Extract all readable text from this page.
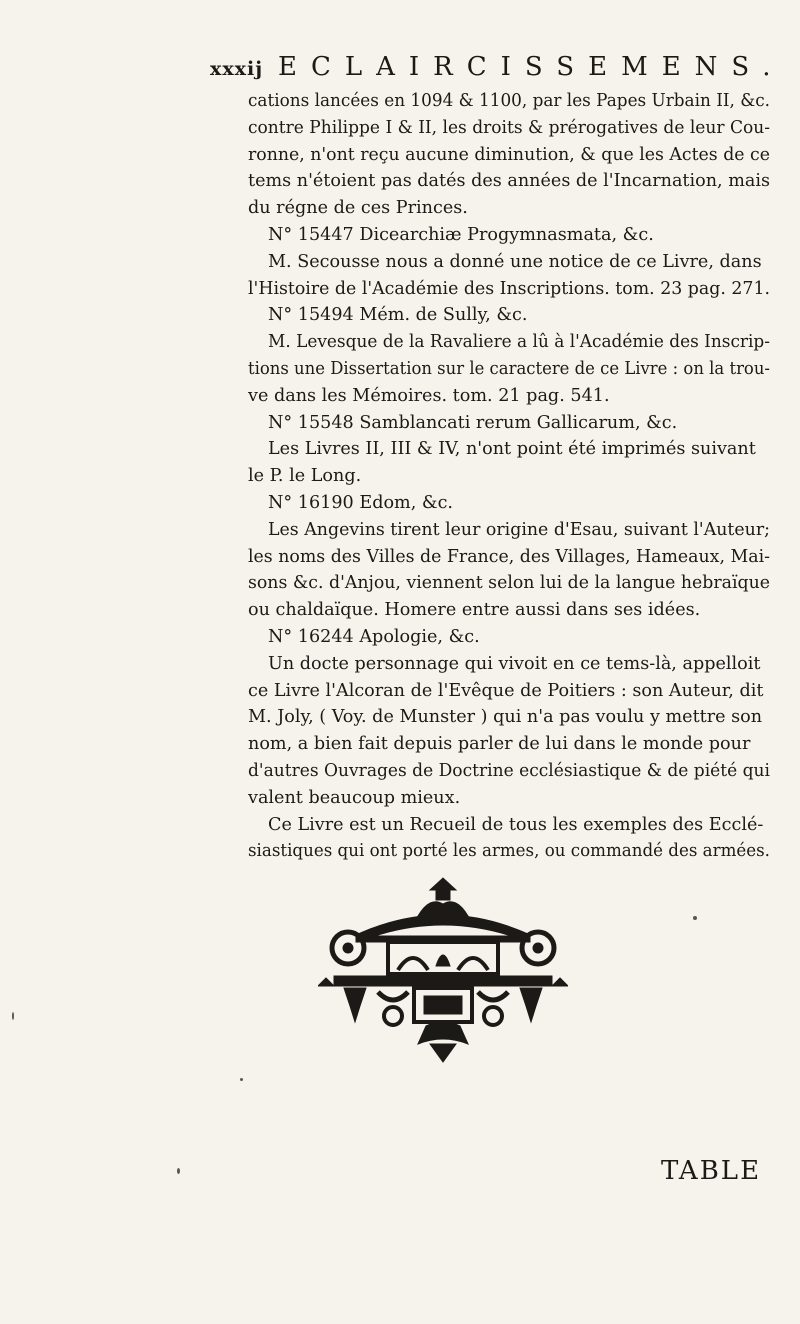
xxxij ECLAIRCISSEMENS.
cations lancées en 1094 & 1100, par les Papes Urbain II, &c.
contre Philippe I & II, les droits & prérogatives de leur Cou-
ronne, n'ont reçu aucune diminution, & que les Actes de ce
tems n'étoient pas datés des années de l'Incarnation, mais
du régne de ces Princes.
N° 15447 Dicearchiæ Progymnasmata, &c.
M. Secousse nous a donné une notice de ce Livre, dans
l'Histoire de l'Académie des Inscriptions. tom. 23 pag. 271.
N° 15494 Mém. de Sully, &c.
M. Levesque de la Ravaliere a lû à l'Académie des Inscrip-
tions une Dissertation sur le caractere de ce Livre : on la trou-
ve dans les Mémoires. tom. 21 pag. 541.
N° 15548 Samblancati rerum Gallicarum, &c.
Les Livres II, III & IV, n'ont point été imprimés suivant
le P. le Long.
N° 16190 Edom, &c.
Les Angevins tirent leur origine d'Esau, suivant l'Auteur;
les noms des Villes de France, des Villages, Hameaux, Mai-
sons &c. d'Anjou, viennent selon lui de la langue hebraïque
ou chaldaïque. Homere entre aussi dans ses idées.
N° 16244 Apologie, &c.
Un docte personnage qui vivoit en ce tems-là, appelloit
ce Livre l'Alcoran de l'Evêque de Poitiers : son Auteur, dit
M. Joly, ( Voy. de Munster ) qui n'a pas voulu y mettre son
nom, a bien fait depuis parler de lui dans le monde pour
d'autres Ouvrages de Doctrine ecclésiastique & de piété qui
valent beaucoup mieux.
Ce Livre est un Recueil de tous les exemples des Ecclé-
siastiques qui ont porté les armes, ou commandé des armées.
TABLE
